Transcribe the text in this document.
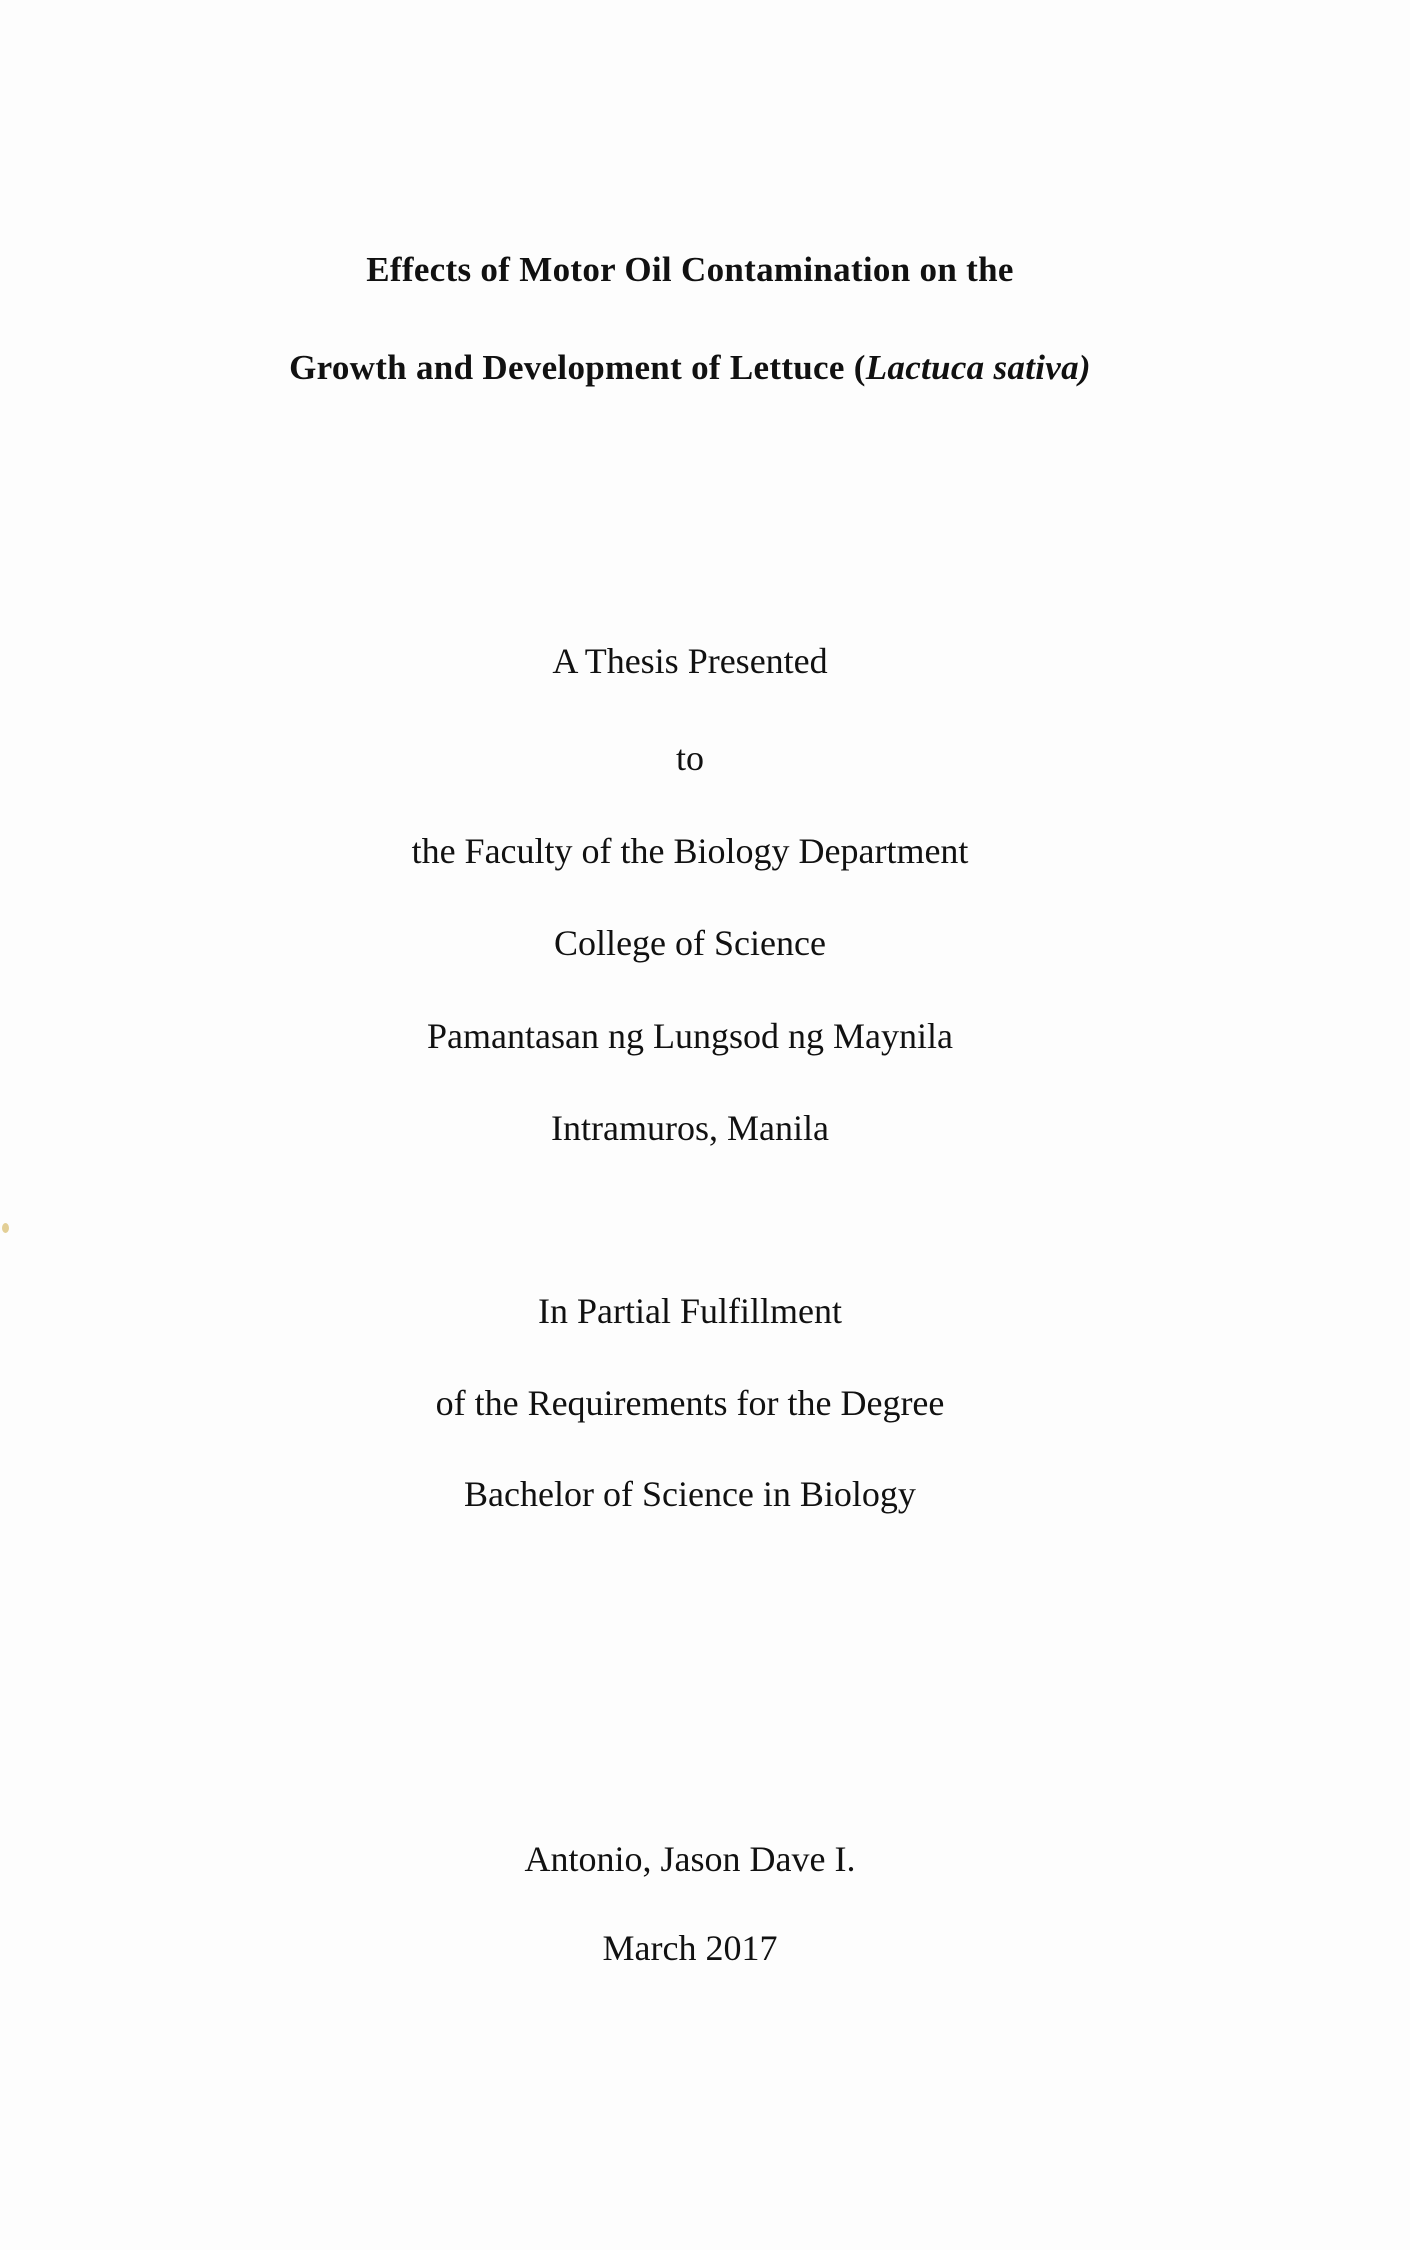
Effects of Motor Oil Contamination on the
Growth and Development of Lettuce (Lactuca sativa)
A Thesis Presented
to
the Faculty of the Biology Department
College of Science
Pamantasan ng Lungsod ng Maynila
Intramuros, Manila
In Partial Fulfillment
of the Requirements for the Degree
Bachelor of Science in Biology
Antonio, Jason Dave I.
March 2017
